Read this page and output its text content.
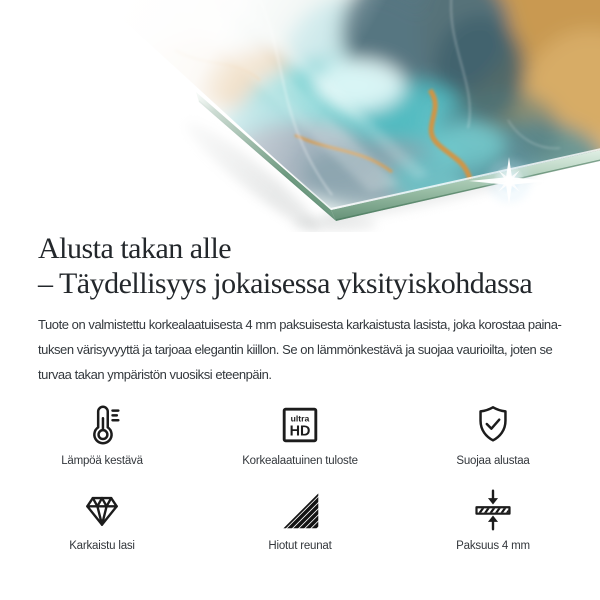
Alusta takan alle
– Täydellisyys jokaisessa yksityiskohdassa

Tuote on valmistettu korkealaatuisesta 4 mm paksuisesta karkaistusta lasista, joka korostaa paina-
tuksen värisyvyyttä ja tarjoaa elegantin kiillon. Se on lämmönkestävä ja suojaa vaurioilta, joten se
turvaa takan ympäristön vuosiksi eteenpäin.

Lämpöä kestävä
ultra
HD
Korkealaatuinen tuloste	Suojaa alustaa
Karkaistu lasi	Hiotut reunat	Paksuus 4 mm
